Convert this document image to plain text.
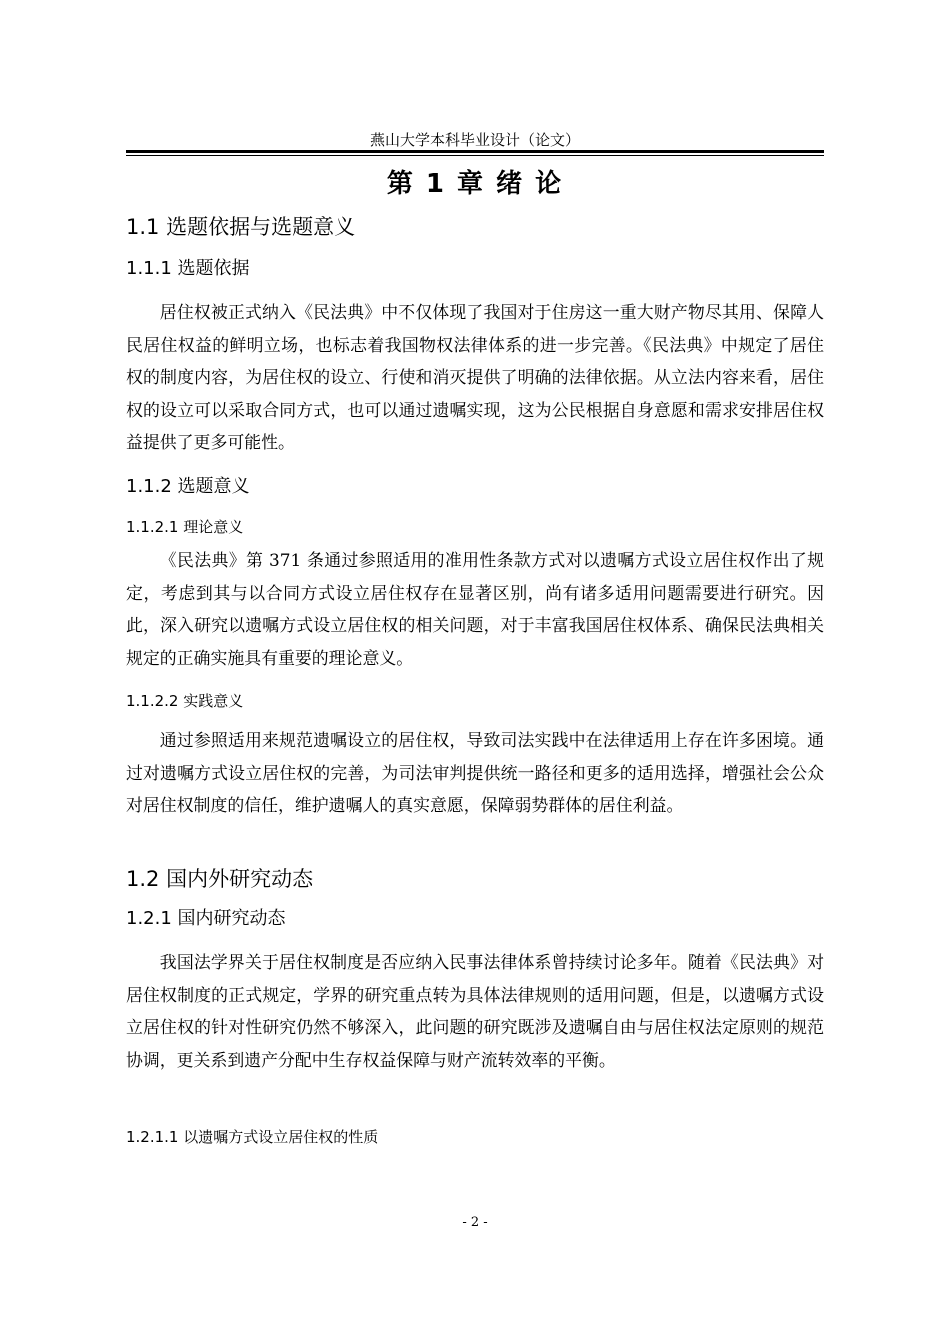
燕山大学本科毕业设计（论文）
第 1 章 绪 论
1.1 选题依据与选题意义
1.1.1 选题依据

居住权被正式纳入《民法典》中不仅体现了我国对于住房这一重大财产物尽其用、保障人民居住权益的鲜明立场，也标志着我国物权法律体系的进一步完善。《民法典》中规定了居住权的制度内容，为居住权的设立、行使和消灭提供了明确的法律依据。从立法内容来看，居住权的设立可以采取合同方式，也可以通过遗嘱实现，这为公民根据自身意愿和需求安排居住权益提供了更多可能性。

1.1.2 选题意义
1.1.2.1 理论意义

《民法典》第 371 条通过参照适用的准用性条款方式对以遗嘱方式设立居住权作出了规定，考虑到其与以合同方式设立居住权存在显著区别，尚有诸多适用问题需要进行研究。因此，深入研究以遗嘱方式设立居住权的相关问题，对于丰富我国居住权体系、确保民法典相关规定的正确实施具有重要的理论意义。

1.1.2.2 实践意义

通过参照适用来规范遗嘱设立的居住权，导致司法实践中在法律适用上存在许多困境。通过对遗嘱方式设立居住权的完善，为司法审判提供统一路径和更多的适用选择，增强社会公众对居住权制度的信任，维护遗嘱人的真实意愿，保障弱势群体的居住利益。

1.2 国内外研究动态
1.2.1 国内研究动态

我国法学界关于居住权制度是否应纳入民事法律体系曾持续讨论多年。随着《民法典》对居住权制度的正式规定，学界的研究重点转为具体法律规则的适用问题，但是，以遗嘱方式设立居住权的针对性研究仍然不够深入，此问题的研究既涉及遗嘱自由与居住权法定原则的规范协调，更关系到遗产分配中生存权益保障与财产流转效率的平衡。

1.2.1.1 以遗嘱方式设立居住权的性质
- 2 -
